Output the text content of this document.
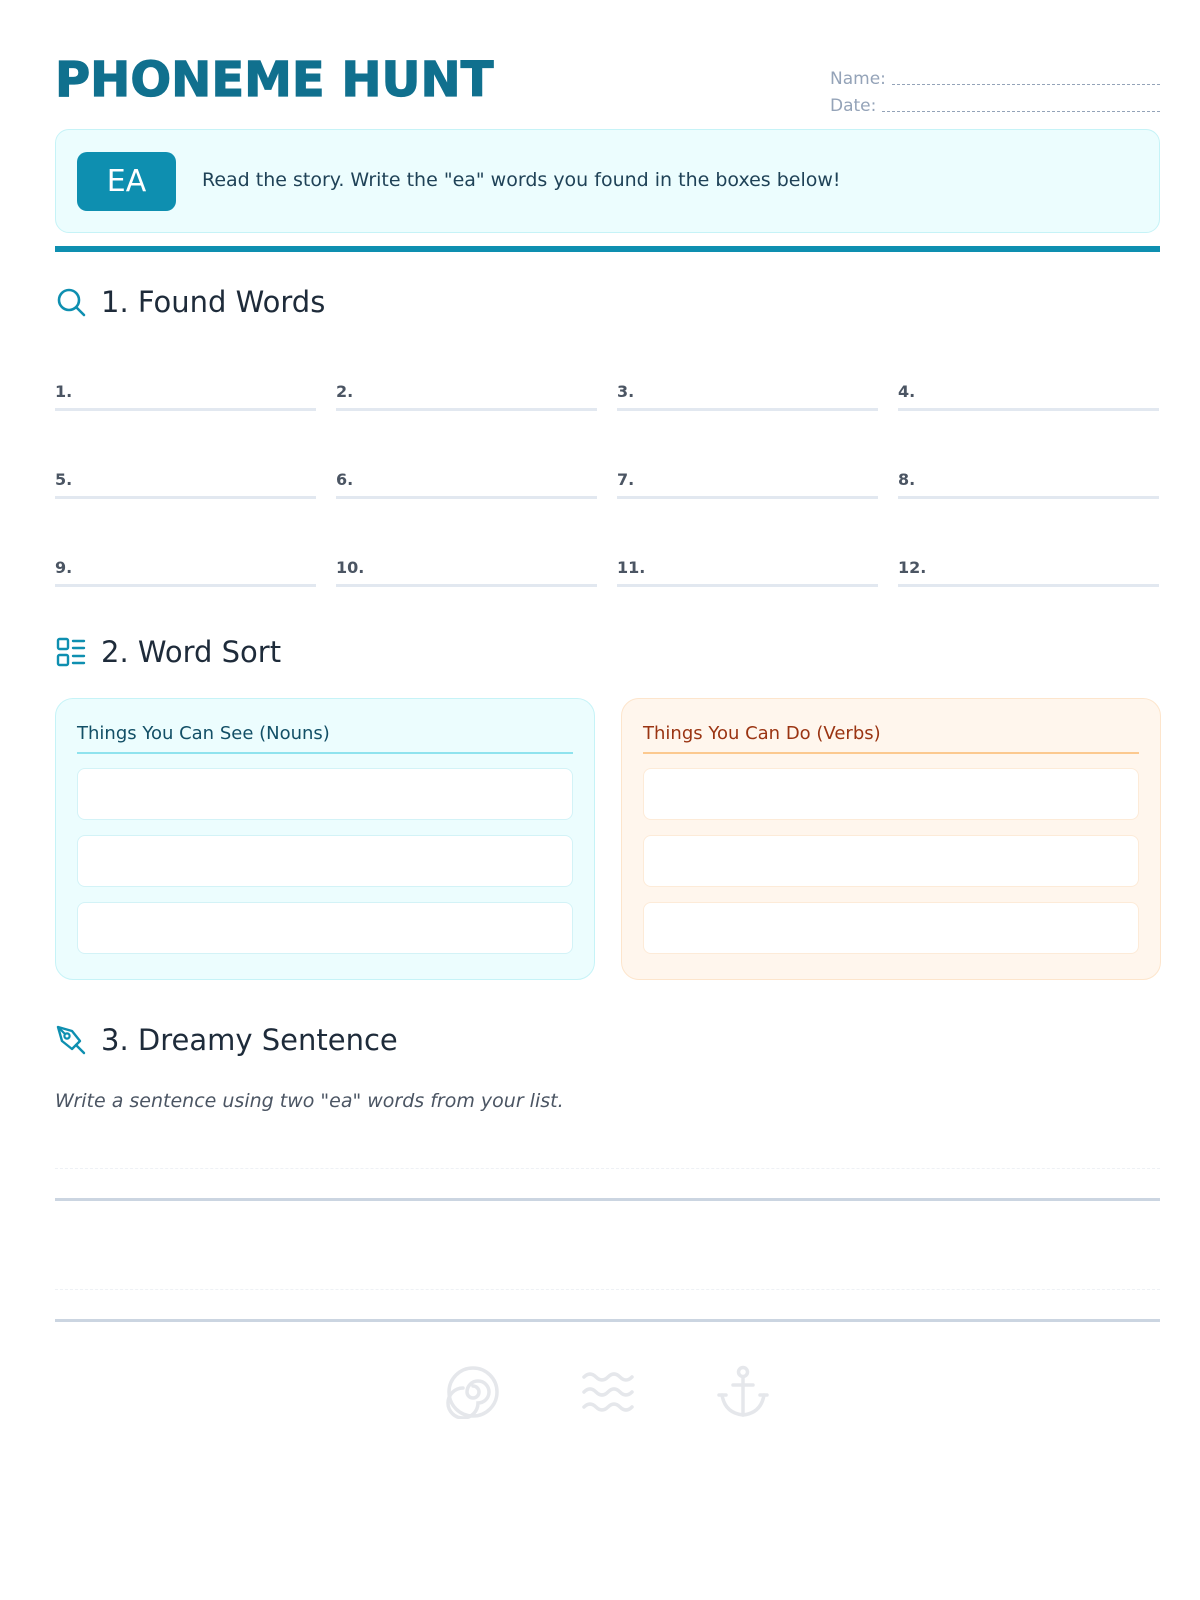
PHONEME HUNT	Name:
Date:
EA	Read the story. Write the "ea" words you found in the boxes below!
1. Found Words
1.	2.	3.	4.
5.	6.	7.	8.
9.	10.	11.	12.
2. Word Sort
Things You Can See (Nouns)	Things You Can Do (Verbs)
3. Dreamy Sentence
Write a sentence using two "ea" words from your list.
